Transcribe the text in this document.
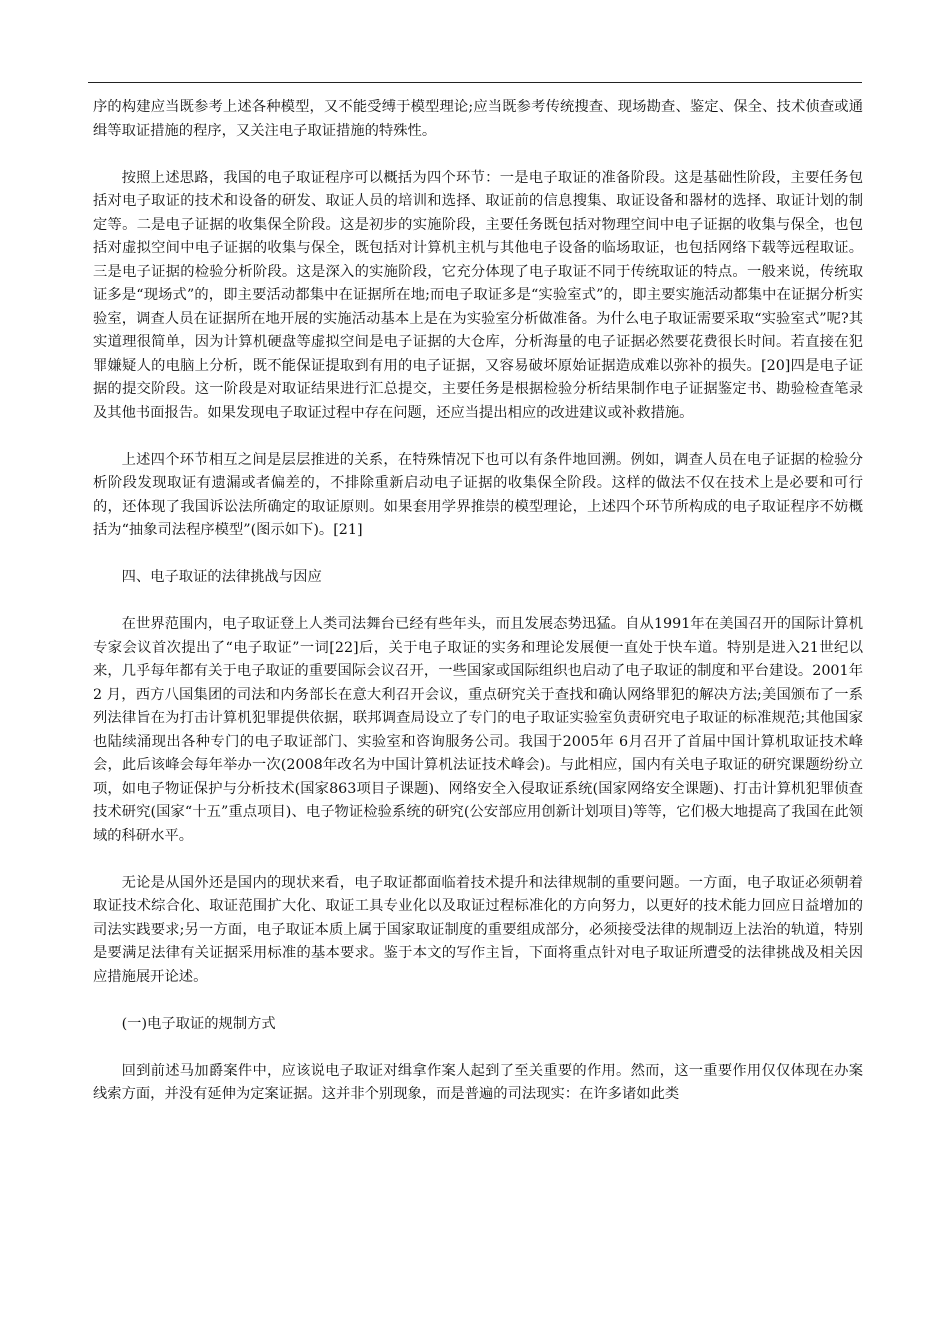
序的构建应当既参考上述各种模型，又不能受缚于模型理论;应当既参考传统搜查、现场勘查、鉴定、保全、技术侦查或通缉等取证措施的程序，又关注电子取证措施的特殊性。

按照上述思路，我国的电子取证程序可以概括为四个环节：一是电子取证的准备阶段。这是基础性阶段，主要任务包括对电子取证的技术和设备的研发、取证人员的培训和选择、取证前的信息搜集、取证设备和器材的选择、取证计划的制定等。二是电子证据的收集保全阶段。这是初步的实施阶段，主要任务既包括对物理空间中电子证据的收集与保全，也包括对虚拟空间中电子证据的收集与保全，既包括对计算机主机与其他电子设备的临场取证，也包括网络下载等远程取证。三是电子证据的检验分析阶段。这是深入的实施阶段，它充分体现了电子取证不同于传统取证的特点。一般来说，传统取证多是“现场式”的，即主要活动都集中在证据所在地;而电子取证多是“实验室式”的，即主要实施活动都集中在证据分析实验室，调查人员在证据所在地开展的实施活动基本上是在为实验室分析做准备。为什么电子取证需要采取“实验室式”呢?其实道理很简单，因为计算机硬盘等虚拟空间是电子证据的大仓库，分析海量的电子证据必然要花费很长时间。若直接在犯罪嫌疑人的电脑上分析，既不能保证提取到有用的电子证据，又容易破坏原始证据造成难以弥补的损失。[20]四是电子证据的提交阶段。这一阶段是对取证结果进行汇总提交，主要任务是根据检验分析结果制作电子证据鉴定书、勘验检查笔录及其他书面报告。如果发现电子取证过程中存在问题，还应当提出相应的改进建议或补救措施。

上述四个环节相互之间是层层推进的关系，在特殊情况下也可以有条件地回溯。例如，调查人员在电子证据的检验分析阶段发现取证有遗漏或者偏差的，不排除重新启动电子证据的收集保全阶段。这样的做法不仅在技术上是必要和可行的，还体现了我国诉讼法所确定的取证原则。如果套用学界推崇的模型理论，上述四个环节所构成的电子取证程序不妨概括为“抽象司法程序模型”(图示如下)。[21]

四、电子取证的法律挑战与因应

在世界范围内，电子取证登上人类司法舞台已经有些年头，而且发展态势迅猛。自从1991年在美国召开的国际计算机专家会议首次提出了“电子取证”一词[22]后，关于电子取证的实务和理论发展便一直处于快车道。特别是进入21世纪以来，几乎每年都有关于电子取证的重要国际会议召开，一些国家或国际组织也启动了电子取证的制度和平台建设。2001年2 月，西方八国集团的司法和内务部长在意大利召开会议，重点研究关于查找和确认网络罪犯的解决方法;美国颁布了一系列法律旨在为打击计算机犯罪提供依据，联邦调查局设立了专门的电子取证实验室负责研究电子取证的标准规范;其他国家也陆续涌现出各种专门的电子取证部门、实验室和咨询服务公司。我国于2005年 6月召开了首届中国计算机取证技术峰会，此后该峰会每年举办一次(2008年改名为中国计算机法证技术峰会)。与此相应，国内有关电子取证的研究课题纷纷立项，如电子物证保护与分析技术(国家863项目子课题)、网络安全入侵取证系统(国家网络安全课题)、打击计算机犯罪侦查技术研究(国家“十五”重点项目)、电子物证检验系统的研究(公安部应用创新计划项目)等等，它们极大地提高了我国在此领域的科研水平。

无论是从国外还是国内的现状来看，电子取证都面临着技术提升和法律规制的重要问题。一方面，电子取证必须朝着取证技术综合化、取证范围扩大化、取证工具专业化以及取证过程标准化的方向努力，以更好的技术能力回应日益增加的司法实践要求;另一方面，电子取证本质上属于国家取证制度的重要组成部分，必须接受法律的规制迈上法治的轨道，特别是要满足法律有关证据采用标准的基本要求。鉴于本文的写作主旨，下面将重点针对电子取证所遭受的法律挑战及相关因应措施展开论述。

(一)电子取证的规制方式

回到前述马加爵案件中，应该说电子取证对缉拿作案人起到了至关重要的作用。然而，这一重要作用仅仅体现在办案线索方面，并没有延伸为定案证据。这并非个别现象，而是普遍的司法现实：在许多诸如此类
